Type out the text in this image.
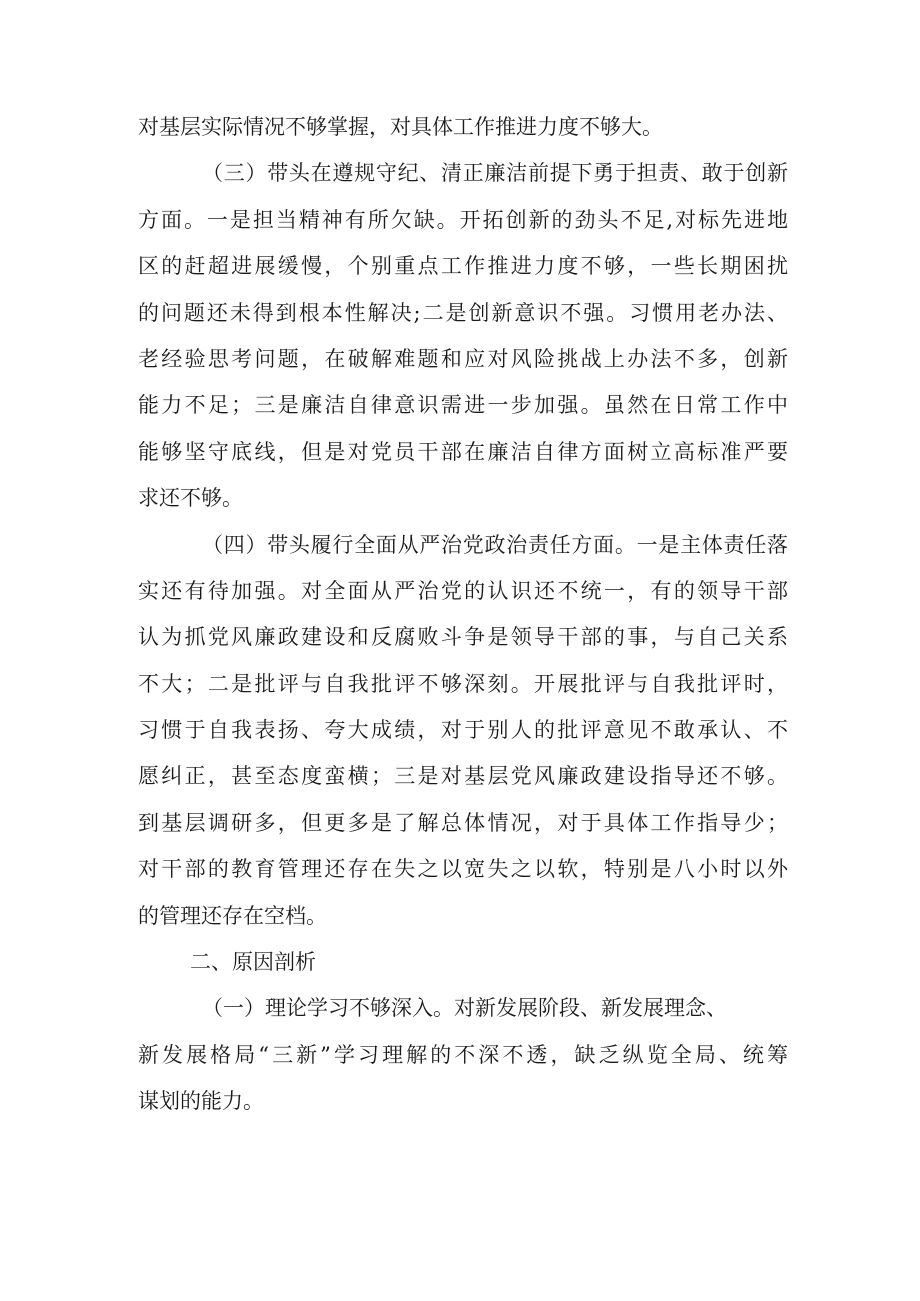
对基层实际情况不够掌握，对具体工作推进力度不够大。
（三）带头在遵规守纪、清正廉洁前提下勇于担责、敢于创新
方面。一是担当精神有所欠缺。开拓创新的劲头不足,对标先进地
区的赶超进展缓慢，个别重点工作推进力度不够，一些长期困扰
的问题还未得到根本性解决;二是创新意识不强。习惯用老办法、
老经验思考问题，在破解难题和应对风险挑战上办法不多，创新
能力不足；三是廉洁自律意识需进一步加强。虽然在日常工作中
能够坚守底线，但是对党员干部在廉洁自律方面树立高标准严要
求还不够。
（四）带头履行全面从严治党政治责任方面。一是主体责任落
实还有待加强。对全面从严治党的认识还不统一，有的领导干部
认为抓党风廉政建设和反腐败斗争是领导干部的事，与自己关系
不大；二是批评与自我批评不够深刻。开展批评与自我批评时，
习惯于自我表扬、夸大成绩，对于别人的批评意见不敢承认、不
愿纠正，甚至态度蛮横；三是对基层党风廉政建设指导还不够。
到基层调研多，但更多是了解总体情况，对于具体工作指导少；
对干部的教育管理还存在失之以宽失之以软，特别是八小时以外
的管理还存在空档。
二、原因剖析
（一）理论学习不够深入。对新发展阶段、新发展理念、
新发展格局“三新”学习理解的不深不透，缺乏纵览全局、统筹
谋划的能力。
